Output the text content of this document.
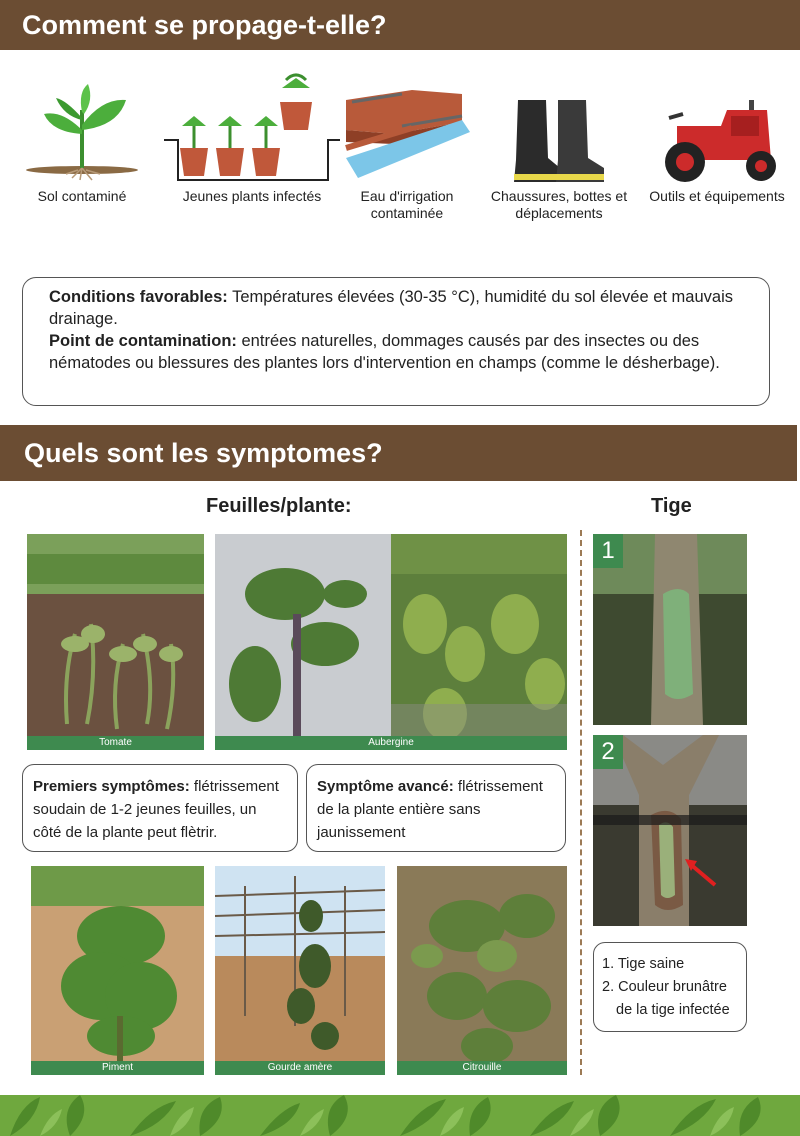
Comment se propage-t-elle?
Sol contaminé	Jeunes plants infectés	Eau d'irrigation contaminée
Chaussures, bottes et déplacements
Outils et équipements
Conditions favorables: Températures élevées (30-35 °C), humidité du sol élevée et mauvais drainage.
Point de contamination: entrées naturelles, dommages causés par des insectes ou des nématodes ou blessures des plantes lors d'intervention en champs (comme le désherbage).
Quels sont les symptomes?
Feuilles/plante:	Tige
Tomate	Aubergine
Premiers symptômes: flétrissement soudain de 1-2 jeunes feuilles, un côté de la plante peut flètrir.
Symptôme avancé: flétrissement de la plante entière sans jaunissement
Piment	Gourde amère	Citrouille
1
2
1. Tige saine
2. Couleur brunâtre
de la tige infectée
